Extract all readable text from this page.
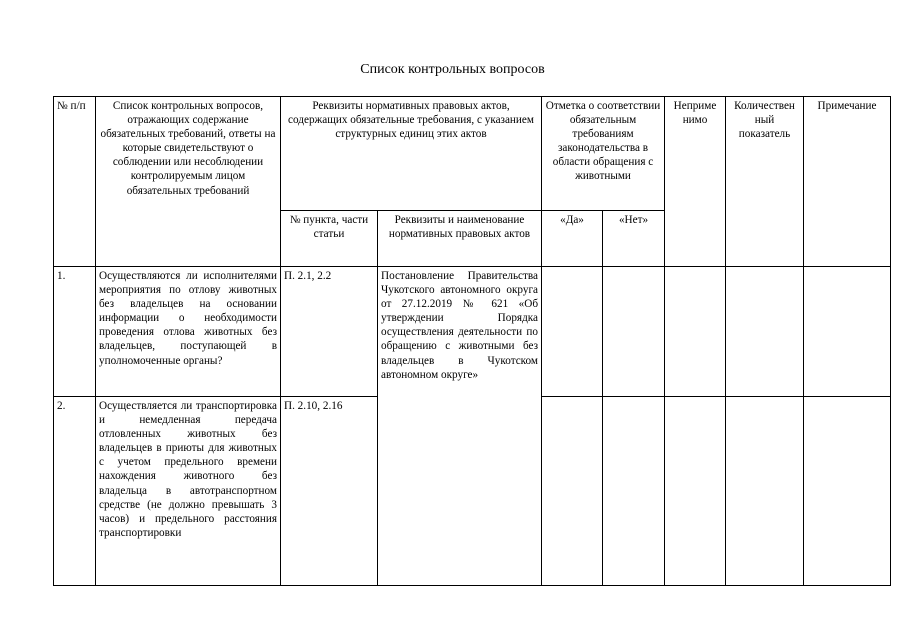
Список контрольных вопросов
№ п/п	Список контрольных вопросов, отражающих содержание обязательных требований, ответы на которые свидетельствуют о соблюдении или несоблюдении контролируемым лицом обязательных требований	Реквизиты нормативных правовых актов, содержащих обязательные требования, с указанием структурных единиц этих актов		Отметка о соответствии обязательным требованиям законодательства в области обращения с животными		Неприме нимо	Количествен ный показатель	Примечание
		№ пункта, части статьи	Реквизиты и наименование нормативных правовых актов	«Да»	«Нет»			
1.	Осуществляются ли исполнителями мероприятия по отлову животных без владельцев на основании информации о необходимости проведения отлова животных без владельцев, поступающей в уполномоченные органы?	П. 2.1, 2.2	Постановление Правительства Чукотского автономного округа от 27.12.2019 № 621 «Об утверждении Порядка осуществления деятельности по обращению с животными без владельцев в Чукотском автономном округе»					
2.	Осуществляется ли транспортировка и немедленная передача отловленных животных без владельцев в приюты для животных с учетом предельного времени нахождения животного без владельца в автотранспортном средстве (не должно превышать 3 часов) и предельного расстояния транспортировки	П. 2.10, 2.16						
